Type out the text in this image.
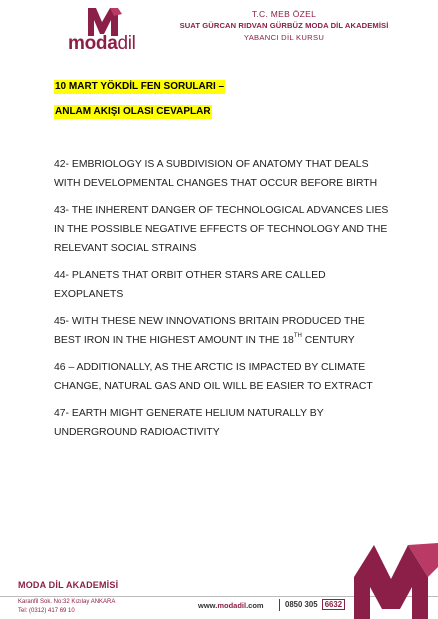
modadil
T.C. MEB ÖZEL
SUAT GÜRCAN RIDVAN GÜRBÜZ MODA DİL AKADEMİSİ
YABANCI DİL KURSU
10 MART YÖKDİL FEN SORULARI –
ANLAM AKIŞI OLASI CEVAPLAR

42- EMBRIOLOGY IS A SUBDIVISION OF ANATOMY THAT DEALS WITH DEVELOPMENTAL CHANGES THAT OCCUR BEFORE BIRTH

43- THE INHERENT DANGER OF TECHNOLOGICAL ADVANCES LIES IN THE POSSIBLE NEGATIVE EFFECTS OF TECHNOLOGY AND THE RELEVANT SOCIAL STRAINS

44- PLANETS THAT ORBIT OTHER STARS ARE CALLED EXOPLANETS

45- WITH THESE NEW INNOVATIONS BRITAIN PRODUCED THE BEST IRON IN THE HIGHEST AMOUNT IN THE 18TH CENTURY

46 – ADDITIONALLY, AS THE ARCTIC IS IMPACTED BY CLIMATE CHANGE, NATURAL GAS AND OIL WILL BE EASIER TO EXTRACT

47- EARTH MIGHT GENERATE HELIUM NATURALLY BY UNDERGROUND RADIOACTIVITY

MODA DİL AKADEMİSİ
Karanfil Sok. No:32 Kızılay ANKARA
Tel: (0312) 417 69 10
www.modadil.com	0850 305 6632
